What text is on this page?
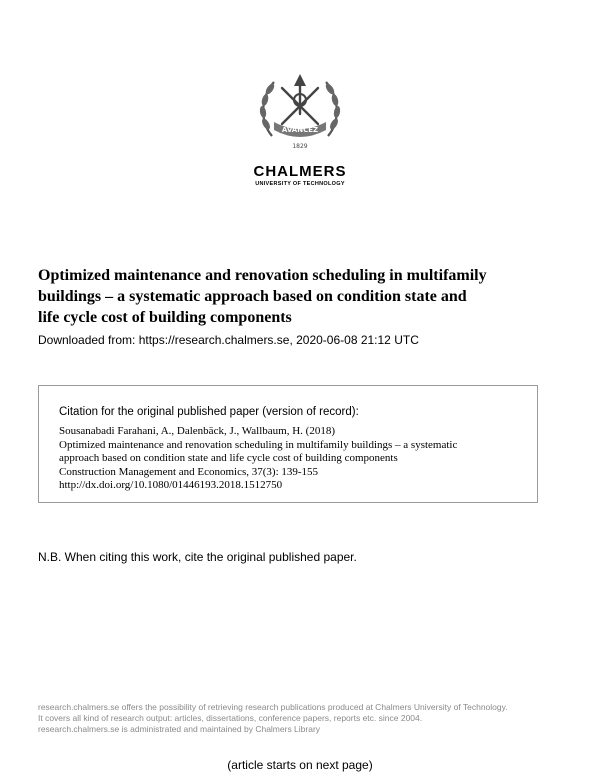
AVANCEZ
1829
CHALMERS
UNIVERSITY OF TECHNOLOGY
Optimized maintenance and renovation scheduling in multifamily
buildings – a systematic approach based on condition state and
life cycle cost of building components
Downloaded from: https://research.chalmers.se, 2020-06-08 21:12 UTC
Citation for the original published paper (version of record):
Sousanabadi Farahani, A., Dalenbäck, J., Wallbaum, H. (2018)
Optimized maintenance and renovation scheduling in multifamily buildings – a systematic
approach based on condition state and life cycle cost of building components
Construction Management and Economics, 37(3): 139-155
http://dx.doi.org/10.1080/01446193.2018.1512750
N.B. When citing this work, cite the original published paper.
research.chalmers.se offers the possibility of retrieving research publications produced at Chalmers University of Technology.
It covers all kind of research output: articles, dissertations, conference papers, reports etc. since 2004.
research.chalmers.se is administrated and maintained by Chalmers Library
(article starts on next page)
